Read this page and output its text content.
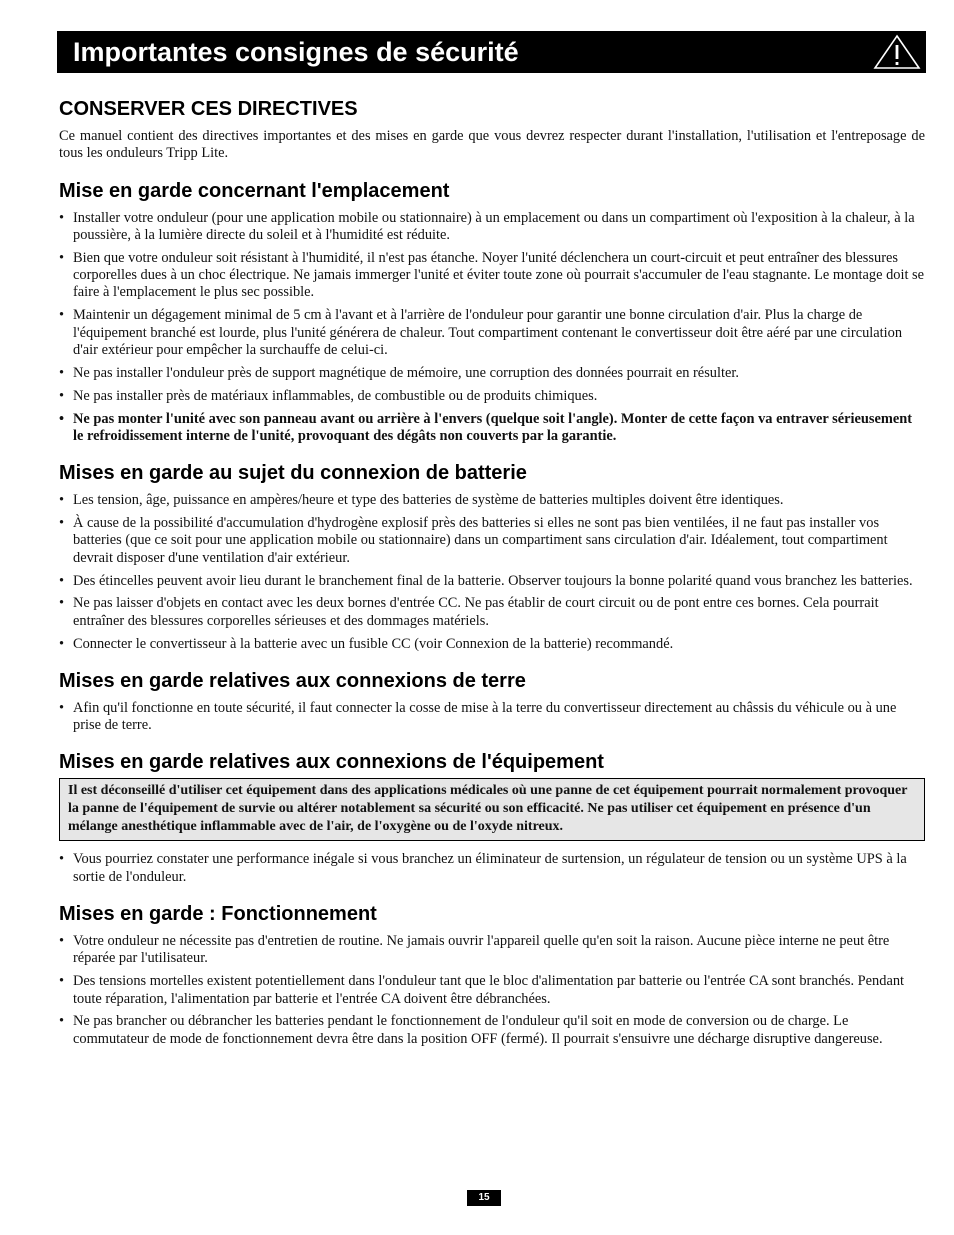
Importantes consignes de sécurité
CONSERVER CES DIRECTIVES

Ce manuel contient des directives importantes et des mises en garde que vous devrez respecter durant l'installation, l'utilisation et l'entreposage de tous les onduleurs Tripp Lite.

Mise en garde concernant l'emplacement
• Installer votre onduleur (pour une application mobile ou stationnaire) à un emplacement ou dans un compartiment où l'exposition à la chaleur, à la poussière, à la lumière directe du soleil et à l'humidité est réduite.
• Bien que votre onduleur soit résistant à l'humidité, il n'est pas étanche. Noyer l'unité déclenchera un court-circuit et peut entraîner des blessures corporelles dues à un choc électrique. Ne jamais immerger l'unité et éviter toute zone où pourrait s'accumuler de l'eau stagnante. Le montage doit se faire à l'emplacement le plus sec possible.
• Maintenir un dégagement minimal de 5 cm à l'avant et à l'arrière de l'onduleur pour garantir une bonne circulation d'air. Plus la charge de l'équipement branché est lourde, plus l'unité générera de chaleur. Tout compartiment contenant le convertisseur doit être aéré par une circulation d'air extérieur pour empêcher la surchauffe de celui-ci.
• Ne pas installer l'onduleur près de support magnétique de mémoire, une corruption des données pourrait en résulter.
• Ne pas installer près de matériaux inflammables, de combustible ou de produits chimiques.
• Ne pas monter l'unité avec son panneau avant ou arrière à l'envers (quelque soit l'angle). Monter de cette façon va entraver sérieusement le refroidissement interne de l'unité, provoquant des dégâts non couverts par la garantie.
Mises en garde au sujet du connexion de batterie
• Les tension, âge, puissance en ampères/heure et type des batteries de système de batteries multiples doivent être identiques.
• À cause de la possibilité d'accumulation d'hydrogène explosif près des batteries si elles ne sont pas bien ventilées, il ne faut pas installer vos batteries (que ce soit pour une application mobile ou stationnaire) dans un compartiment sans circulation d'air. Idéalement, tout compartiment devrait disposer d'une ventilation d'air extérieur.
• Des étincelles peuvent avoir lieu durant le branchement final de la batterie. Observer toujours la bonne polarité quand vous branchez les batteries.
• Ne pas laisser d'objets en contact avec les deux bornes d'entrée CC. Ne pas établir de court circuit ou de pont entre ces bornes. Cela pourrait entraîner des blessures corporelles sérieuses et des dommages matériels.
• Connecter le convertisseur à la batterie avec un fusible CC (voir Connexion de la batterie) recommandé.
Mises en garde relatives aux connexions de terre
• Afin qu'il fonctionne en toute sécurité, il faut connecter la cosse de mise à la terre du convertisseur directement au châssis du véhicule ou à une prise de terre.
Mises en garde relatives aux connexions de l'équipement
Il est déconseillé d'utiliser cet équipement dans des applications médicales où une panne de cet équipement pourrait normalement provoquer la panne de l'équipement de survie ou altérer notablement sa sécurité ou son efficacité. Ne pas utiliser cet équipement en présence d'un mélange anesthétique inflammable avec de l'air, de l'oxygène ou de l'oxyde nitreux.
• Vous pourriez constater une performance inégale si vous branchez un éliminateur de surtension, un régulateur de tension ou un système UPS à la sortie de l'onduleur.
Mises en garde : Fonctionnement
• Votre onduleur ne nécessite pas d'entretien de routine. Ne jamais ouvrir l'appareil quelle qu'en soit la raison. Aucune pièce interne ne peut être réparée par l'utilisateur.
• Des tensions mortelles existent potentiellement dans l'onduleur tant que le bloc d'alimentation par batterie ou l'entrée CA sont branchés. Pendant toute réparation, l'alimentation par batterie et l'entrée CA doivent être débranchées.
• Ne pas brancher ou débrancher les batteries pendant le fonctionnement de l'onduleur qu'il soit en mode de conversion ou de charge. Le commutateur de mode de fonctionnement devra être dans la position OFF (fermé). Il pourrait s'ensuivre une décharge disruptive dangereuse.
15
